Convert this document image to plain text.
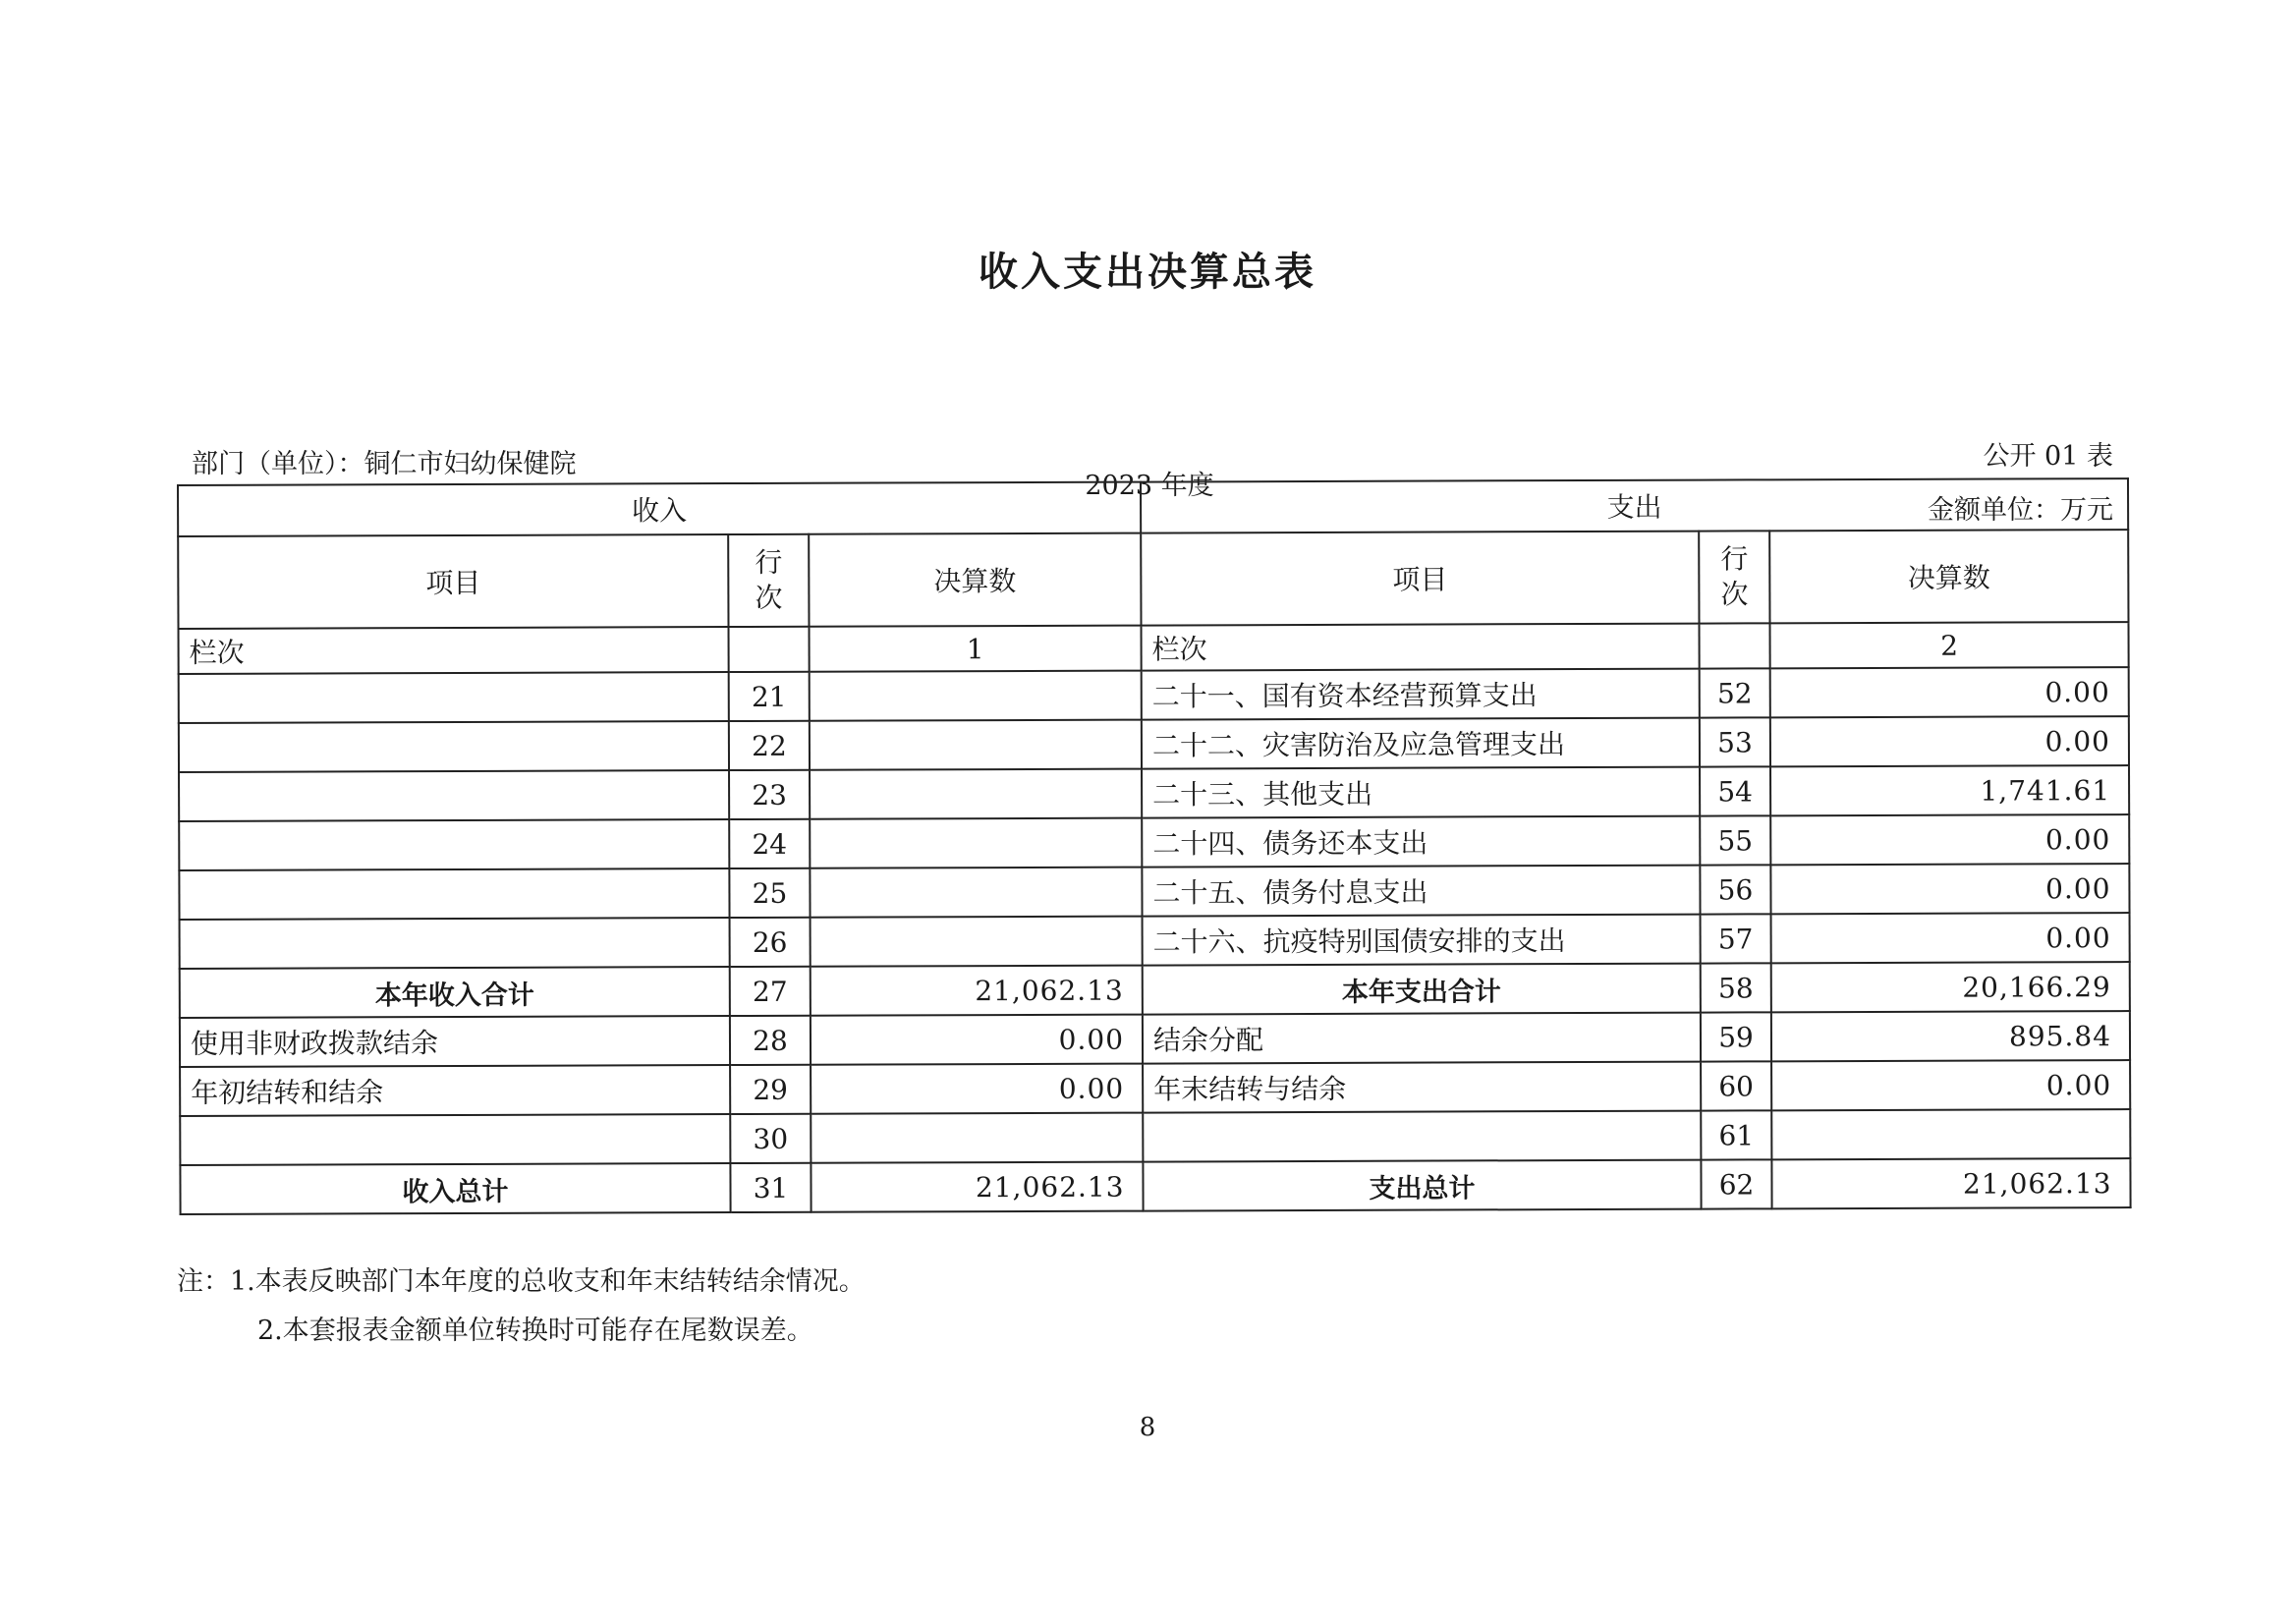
收入支出决算总表
部门（单位）：铜仁市妇幼保健院
2023 年度
公开 01 表
金额单位：万元
收入			支出		
项目	行次	决算数	项目	行次	决算数
栏次		1	栏次		2
	21		二十一、国有资本经营预算支出	52	0.00
	22		二十二、灾害防治及应急管理支出	53	0.00
	23		二十三、其他支出	54	1,741.61
	24		二十四、债务还本支出	55	0.00
	25		二十五、债务付息支出	56	0.00
	26		二十六、抗疫特别国债安排的支出	57	0.00
本年收入合计	27	21,062.13	本年支出合计	58	20,166.29
使用非财政拨款结余	28	0.00	结余分配	59	895.84
年初结转和结余	29	0.00	年末结转与结余	60	0.00
	30			61	
收入总计	31	21,062.13	支出总计	62	21,062.13
注：1.本表反映部门本年度的总收支和年末结转结余情况。
2.本套报表金额单位转换时可能存在尾数误差。
8
